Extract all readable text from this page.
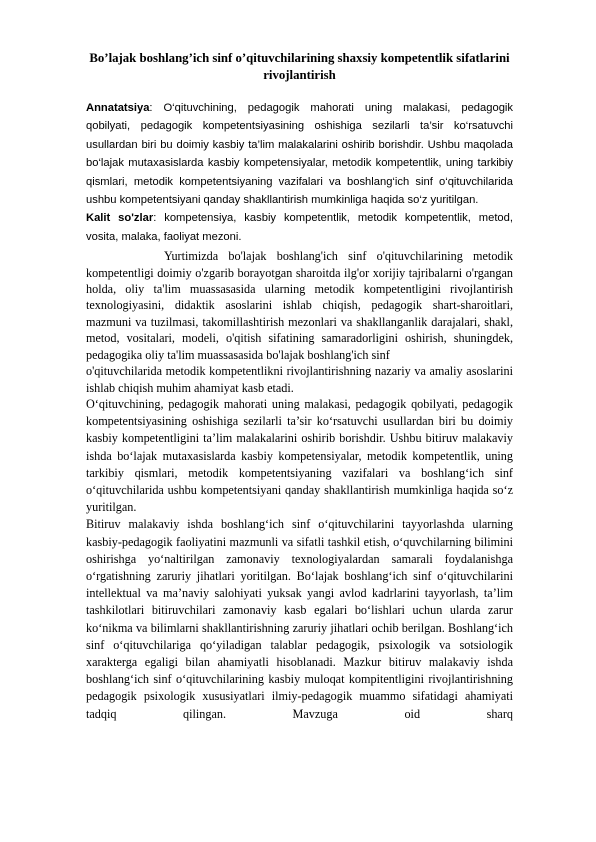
Bo’lajak boshlang’ich sinf o’qituvchilarining shaxsiy kompetentlik sifatlarini rivojlantirish

Annatatsiya: O‘qituvchining, pedagogik mahorati uning malakasi, pedagogik qobilyati, pedagogik kompetentsiyasining oshishiga sezilarli ta’sir ko‘rsatuvchi usullardan biri bu doimiy kasbiy ta’lim malakalarini oshirib borishdir. Ushbu maqolada bo‘lajak mutaxasislarda kasbiy kompetensiyalar, metodik kompetentlik, uning tarkibiy qismlari, metodik kompetentsiyaning vazifalari va boshlang‘ich sinf o‘qituvchilarida ushbu kompetentsiyani qanday shakllantirish mumkinliga haqida so‘z yuritilgan.

Kalit so'zlar: kompetensiya, kasbiy kompetentlik, metodik kompetentlik, metod, vosita, malaka, faoliyat mezoni.

Yurtimizda bo'lajak boshlang'ich sinf o'qituvchilarining metodik kompetentligi doimiy o'zgarib borayotgan sharoitda ilg'or xorijiy tajribalarni o'rgangan holda, oliy ta'lim muassasasida ularning metodik kompetentligini rivojlantirish texnologiyasini, didaktik asoslarini ishlab chiqish, pedagogik shart-sharoitlari, mazmuni va tuzilmasi, takomillashtirish mezonlari va shakllanganlik darajalari, shakl, metod, vositalari, modeli, o'qitish sifatining samaradorligini oshirish, shuningdek, pedagogika oliy ta'lim muassasasida bo'lajak boshlang'ich sinf

o'qituvchilarida metodik kompetentlikni rivojlantirishning nazariy va amaliy asoslarini ishlab chiqish muhim ahamiyat kasb etadi.

O‘qituvchining, pedagogik mahorati uning malakasi, pedagogik qobilyati, pedagogik kompetentsiyasining oshishiga sezilarli ta’sir ko‘rsatuvchi usullardan biri bu doimiy kasbiy kompetentligini ta’lim malakalarini oshirib borishdir. Ushbu bitiruv malakaviy ishda bo‘lajak mutaxasislarda kasbiy kompetensiyalar, metodik kompetentlik, uning tarkibiy qismlari, metodik kompetentsiyaning vazifalari va boshlang‘ich sinf o‘qituvchilarida ushbu kompetentsiyani qanday shakllantirish mumkinliga haqida so‘z yuritilgan.

Bitiruv malakaviy ishda boshlang‘ich sinf o‘qituvchilarini tayyorlashda ularning kasbiy-pedagogik faoliyatini mazmunli va sifatli tashkil etish, o‘quvchilarning bilimini oshirishga yo‘naltirilgan zamonaviy texnologiyalardan samarali foydalanishga o‘rgatishning zaruriy jihatlari yoritilgan. Bo‘lajak boshlang‘ich sinf o‘qituvchilarini intellektual va ma’naviy salohiyati yuksak yangi avlod kadrlarini tayyorlash, ta’lim tashkilotlari bitiruvchilari zamonaviy kasb egalari bo‘lishlari uchun ularda zarur ko‘nikma va bilimlarni shakllantirishning zaruriy jihatlari ochib berilgan. Boshlang‘ich sinf o‘qituvchilariga qo‘yiladigan talablar pedagogik, psixologik va sotsiologik xarakterga egaligi bilan ahamiyatli hisoblanadi. Mazkur bitiruv malakaviy ishda boshlang‘ich sinf o‘qituvchilarining kasbiy muloqat kompitentligini rivojlantirishning pedagogik psixologik xususiyatlari ilmiy-pedagogik muammo sifatidagi ahamiyati tadqiq qilingan. Mavzuga oid sharq
